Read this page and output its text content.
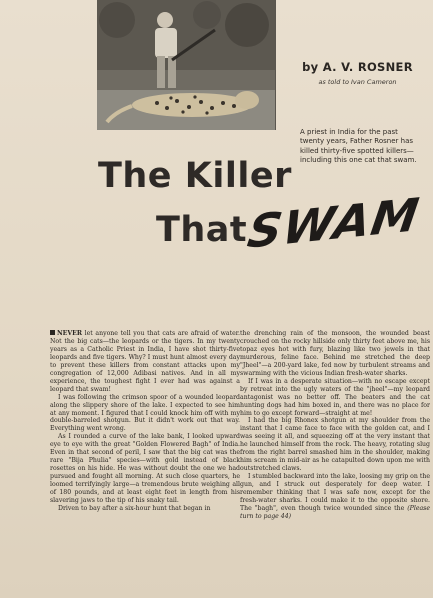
by A. V. ROSNER
as told to Ivan Cameron
A priest in India for the past twenty years, Father Rosner has killed thirty-five spotted killers—including this one cat that swam.
The Killer
That
SWAM

NEVER let anyone tell you that cats are afraid of water. Not the big cats—the leopards or the tigers. In my twenty years as a Catholic Priest in India, I have shot thirty-five leopards and five tigers. Why? I must hunt almost every day to prevent these killers from constant attacks upon my congregation of 12,000 Adibasi natives. And in all my experience, the toughest fight I ever had was against a leopard that swam!

I was following the crimson spoor of a wounded leopard along the slippery shore of the lake. I expected to see him at any moment. I figured that I could knock him off with my double-barreled shotgun. But it didn't work out that way. Everything went wrong.

As I rounded a curve of the lake bank, I looked upward eye to eye with the great "Golden Flowered Bagh" of India. Even in that second of peril, I saw that the big cat was the rare "Bija Phulia" species—with gold instead of black rosettes on his hide. He was without doubt the one we had pursued and fought all morning. At such close quarters, he loomed terrifyingly large—a tremendous brute weighing all of 180 pounds, and at least eight feet in length from his slavering jaws to the tip of his snaky tail.

Driven to bay after a six-hour hunt that began in

the drenching rain of the monsoon, the wounded beast crouched on the rocky hillside only thirty feet above me, his topaz eyes hot with fury, blazing like two jewels in that murderous, feline face. Behind me stretched the deep "Jheel"—a 200-yard lake, fed now by turbulent streams and swarming with the vicious Indian fresh-water sharks.

If I was in a desperate situation—with no escape except by retreat into the ugly waters of the "jheel"—my leopard antagonist was no better off. The beaters and the cat hunting dogs had him boxed in, and there was no place for him to go except forward—straight at me!

I had the big Rhonex shotgun at my shoulder from the instant that I came face to face with the golden cat, and I was seeing it all, and squeezing off at the very instant that he launched himself from the rock. The heavy, rotating slug from the right barrel smashed him in the shoulder, making him scream in mid-air as he catapulted down upon me with outstretched claws.

I stumbled backward into the lake, loosing my grip on the gun, and I struck out desperately for deep water. I remember thinking that I was safe now, except for the fresh-water sharks. I could make it to the opposite shore. The "bagh", even though twice wounded since the (Please turn to page 44)
